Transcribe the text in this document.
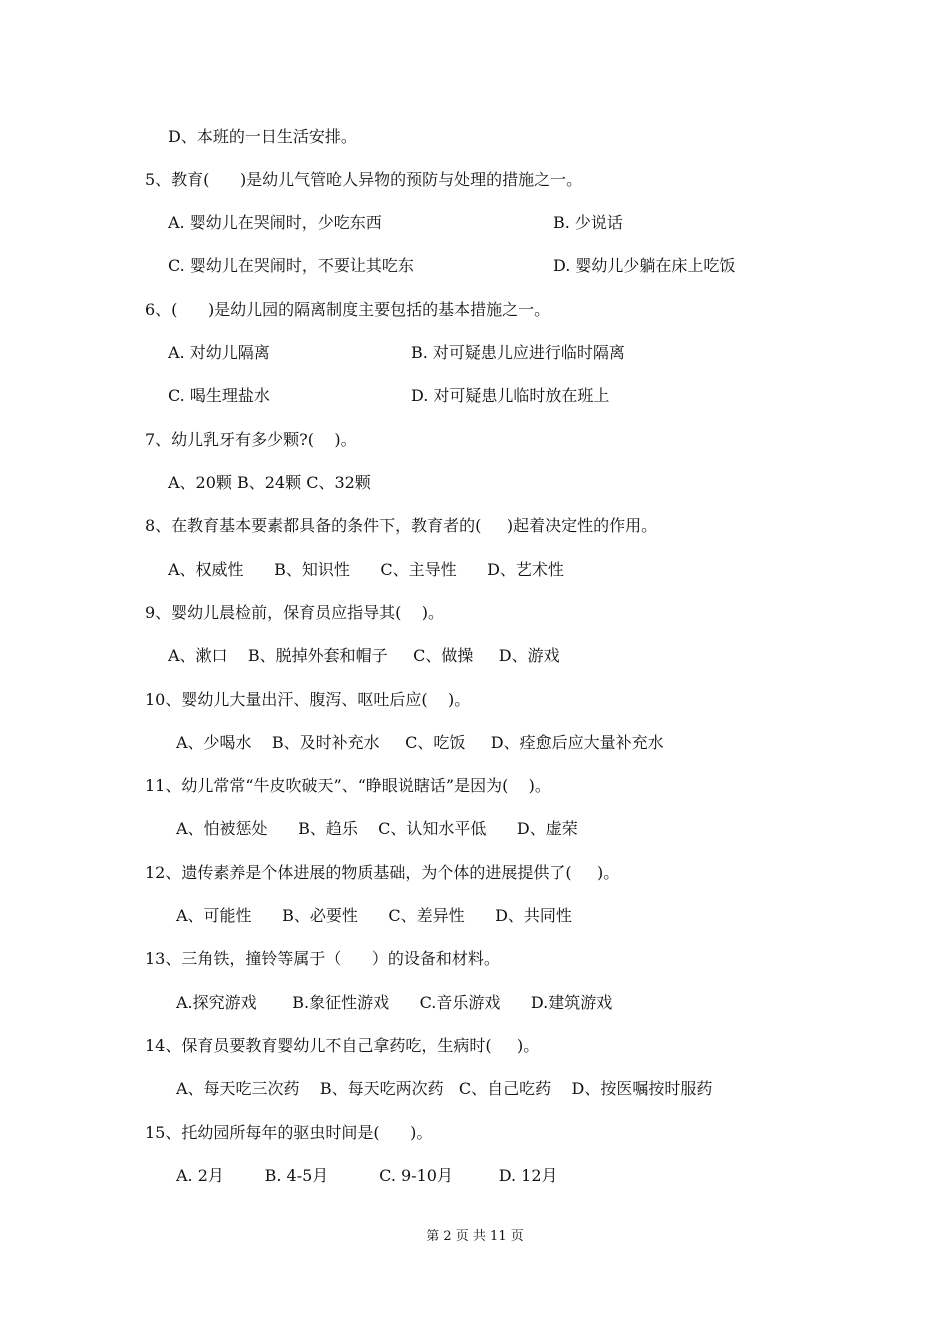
D、本班的一日生活安排。
5、教育(      )是幼儿气管呛人异物的预防与处理的措施之一。
A. 婴幼儿在哭闹时，少吃东西	B. 少说话
C. 婴幼儿在哭闹时，不要让其吃东	D. 婴幼儿少躺在床上吃饭
6、(      )是幼儿园的隔离制度主要包括的基本措施之一。
A. 对幼儿隔离	B. 对可疑患儿应进行临时隔离
C. 喝生理盐水	D. 对可疑患儿临时放在班上
7、幼儿乳牙有多少颗?(    )。
A、20颗 B、24颗 C、32颗
8、在教育基本要素都具备的条件下，教育者的(     )起着决定性的作用。
A、权威性      B、知识性      C、主导性      D、艺术性
9、婴幼儿晨检前，保育员应指导其(    )。
A、漱口    B、脱掉外套和帽子     C、做操     D、游戏
10、婴幼儿大量出汗、腹泻、呕吐后应(    )。
A、少喝水    B、及时补充水     C、吃饭     D、痊愈后应大量补充水
11、幼儿常常“牛皮吹破天”、“睁眼说瞎话”是因为(    )。
A、怕被惩处      B、趋乐    C、认知水平低      D、虚荣
12、遗传素养是个体进展的物质基础，为个体的进展提供了(     )。
A、可能性      B、必要性      C、差异性      D、共同性
13、三角铁，撞铃等属于（      ）的设备和材料。
A.探究游戏       B.象征性游戏      C.音乐游戏      D.建筑游戏
14、保育员要教育婴幼儿不自己拿药吃，生病时(     )。
A、每天吃三次药    B、每天吃两次药   C、自己吃药    D、按医嘱按时服药
15、托幼园所每年的驱虫时间是(      )。
A. 2月        B. 4-5月          C. 9-10月         D. 12月
第 2 页 共 11 页
